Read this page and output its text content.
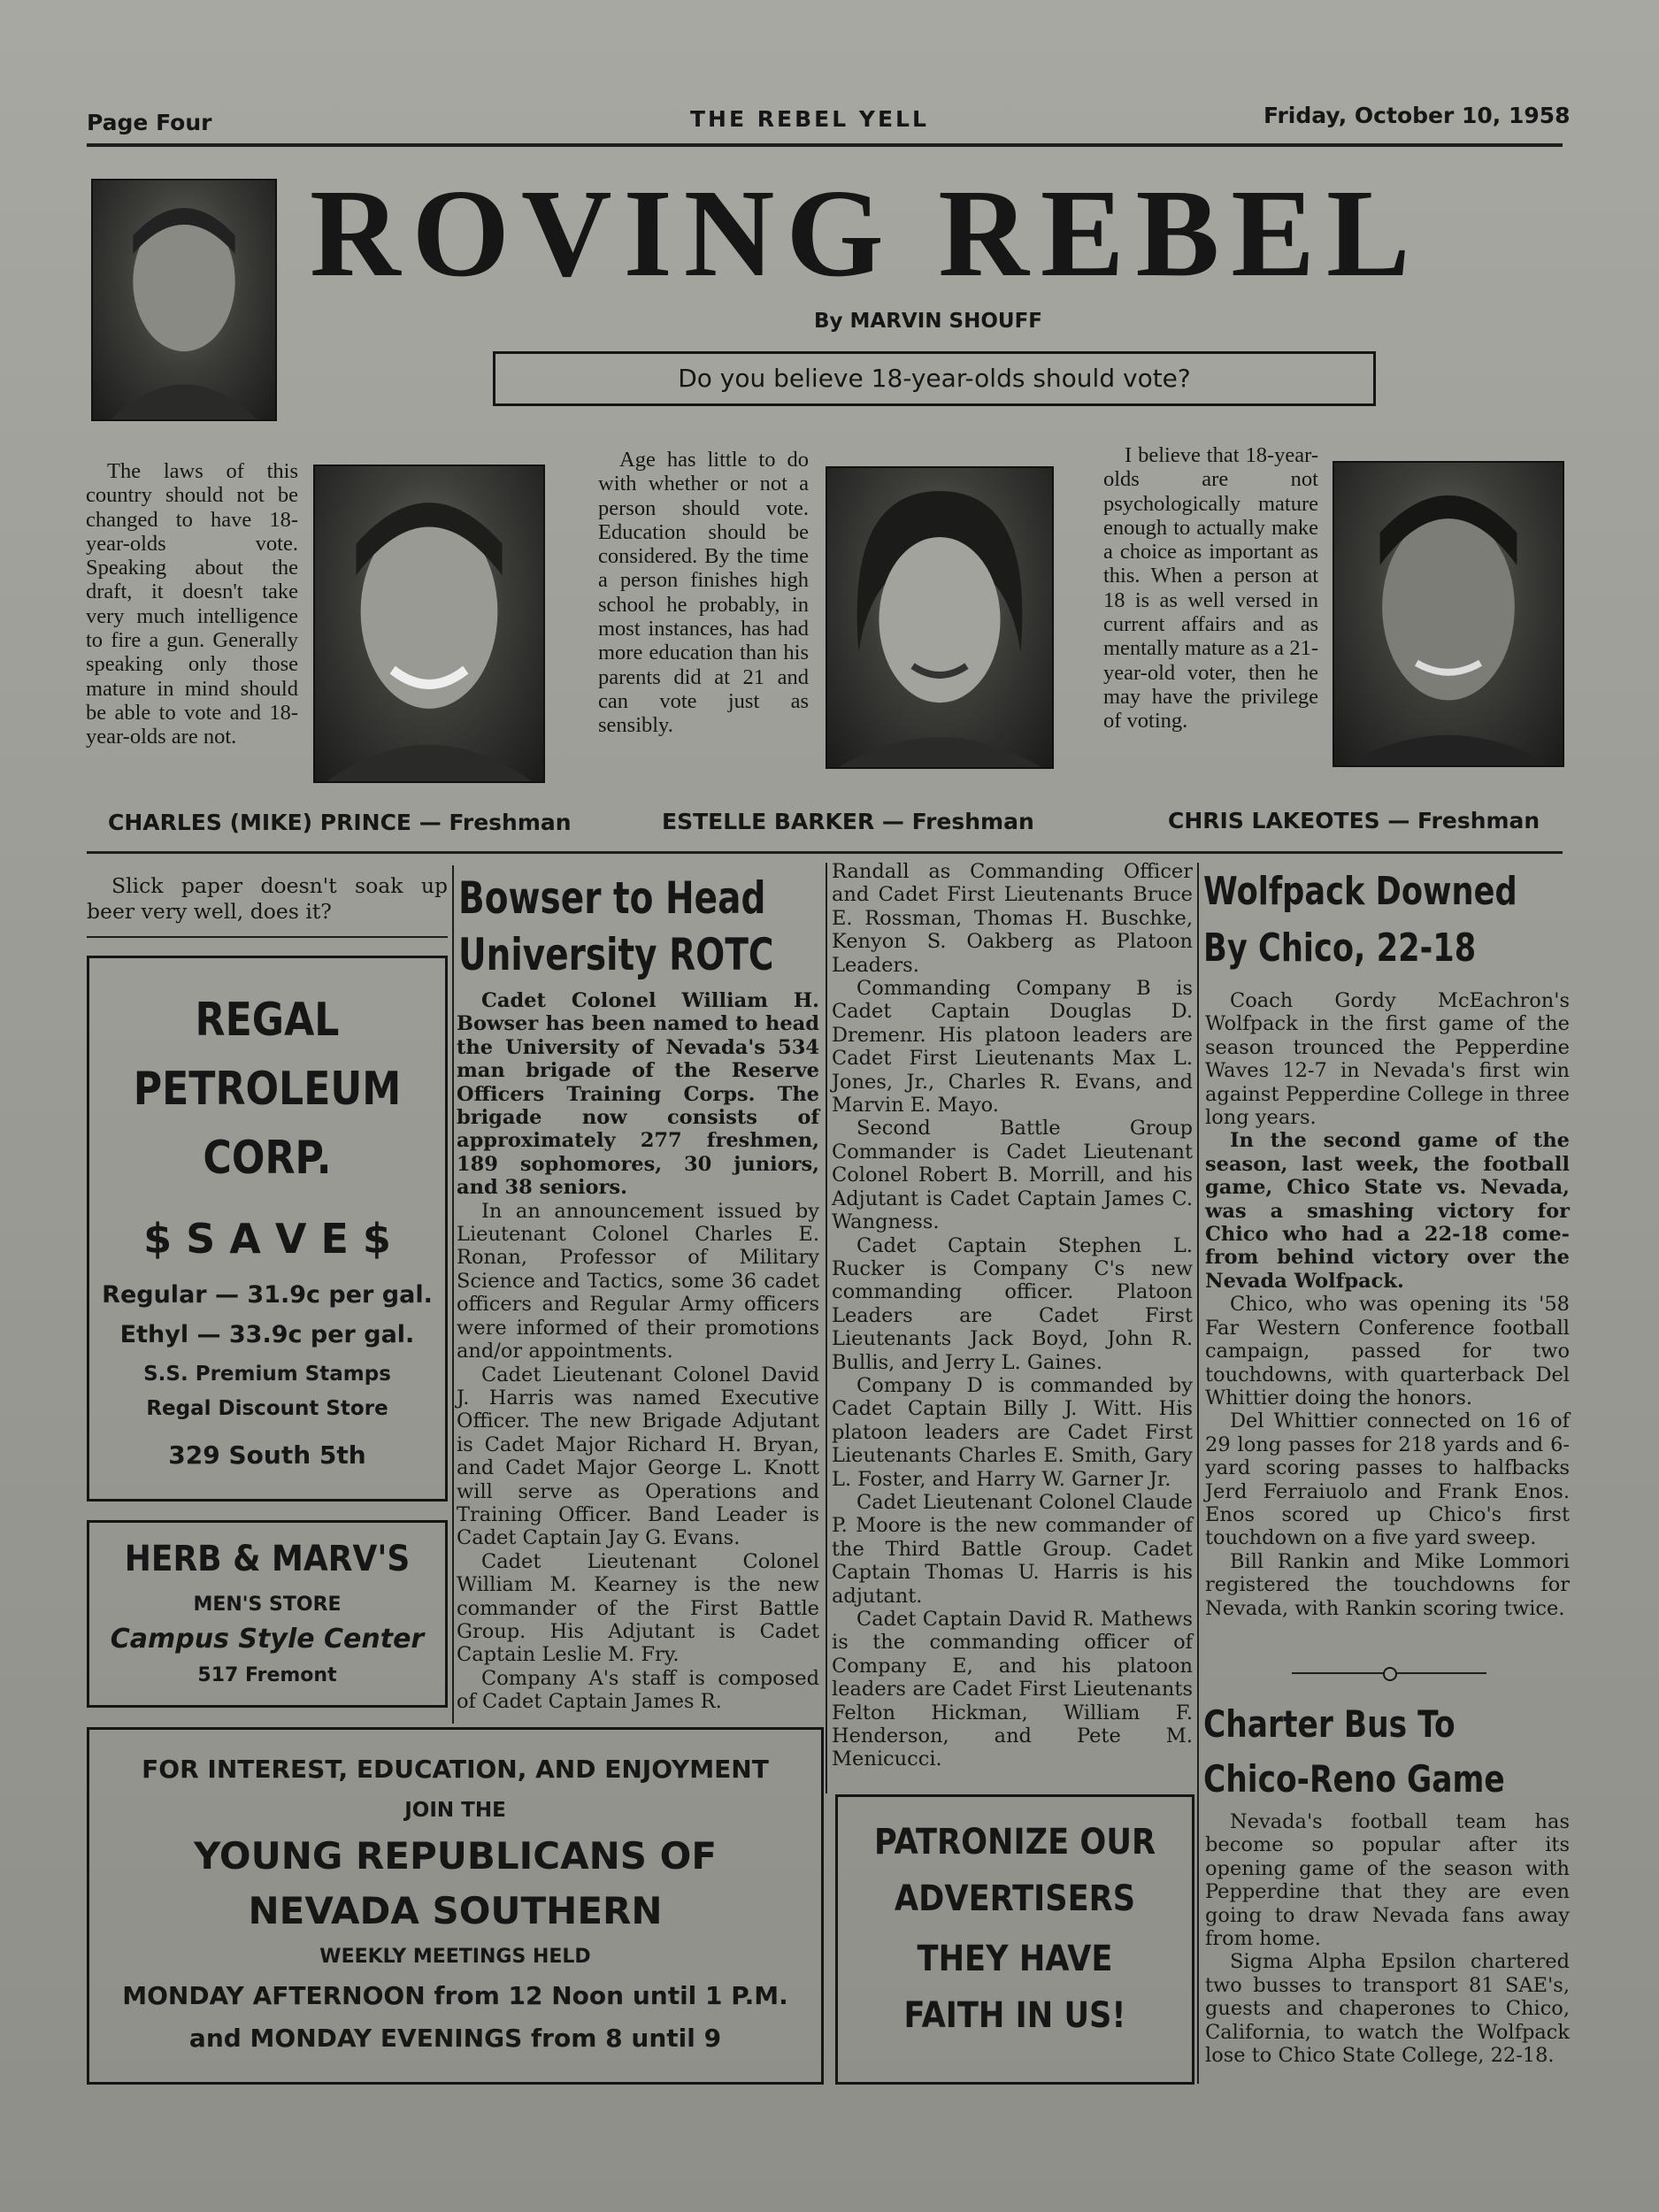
Page Four	THE REBEL YELL	Friday, October 10, 1958
ROVING REBEL
By MARVIN SHOUFF
Do you believe 18-year-olds should vote?

The laws of this country should not be changed to have 18-year-olds vote. Speaking about the draft, it doesn't take very much intelligence to fire a gun. Generally speaking only those mature in mind should be able to vote and 18-year-olds are not.

CHARLES (MIKE) PRINCE — Freshman

Age has little to do with whether or not a person should vote. Education should be considered. By the time a person finishes high school he probably, in most instances, has had more education than his parents did at 21 and can vote just as sensibly.

ESTELLE BARKER — Freshman

I believe that 18-year-olds are not psychologically mature enough to actually make a choice as important as this. When a person at 18 is as well versed in current affairs and as mentally mature as a 21-year-old voter, then he may have the privilege of voting.

CHRIS LAKEOTES — Freshman

Slick paper doesn't soak up beer very well, does it?

REGAL
PETROLEUM
CORP.
$ S A V E $
Regular — 31.9c per gal.
Ethyl — 33.9c per gal.
S.S. Premium Stamps
Regal Discount Store
329 South 5th
HERB & MARV'S
MEN'S STORE
Campus Style Center
517 Fremont
FOR INTEREST, EDUCATION, AND ENJOYMENT
JOIN THE
YOUNG REPUBLICANS OF
NEVADA SOUTHERN
WEEKLY MEETINGS HELD
MONDAY AFTERNOON from 12 Noon until 1 P.M.
and MONDAY EVENINGS from 8 until 9
Bowser to Head
University ROTC

Cadet Colonel William H. Bowser has been named to head the University of Nevada's 534 man brigade of the Reserve Officers Training Corps. The brigade now consists of approximately 277 freshmen, 189 sophomores, 30 juniors, and 38 seniors.

In an announcement issued by Lieutenant Colonel Charles E. Ronan, Professor of Military Science and Tactics, some 36 cadet officers and Regular Army officers were informed of their promotions and/or appointments.

Cadet Lieutenant Colonel David J. Harris was named Executive Officer. The new Brigade Adjutant is Cadet Major Richard H. Bryan, and Cadet Major George L. Knott will serve as Operations and Training Officer. Band Leader is Cadet Captain Jay G. Evans.

Cadet Lieutenant Colonel William M. Kearney is the new commander of the First Battle Group. His Adjutant is Cadet Captain Leslie M. Fry.

Company A's staff is composed of Cadet Captain James R.

Randall as Commanding Officer and Cadet First Lieutenants Bruce E. Rossman, Thomas H. Buschke, Kenyon S. Oakberg as Platoon Leaders.

Commanding Company B is Cadet Captain Douglas D. Dremenr. His platoon leaders are Cadet First Lieutenants Max L. Jones, Jr., Charles R. Evans, and Marvin E. Mayo.

Second Battle Group Commander is Cadet Lieutenant Colonel Robert B. Morrill, and his Adjutant is Cadet Captain James C. Wangness.

Cadet Captain Stephen L. Rucker is Company C's new commanding officer. Platoon Leaders are Cadet First Lieutenants Jack Boyd, John R. Bullis, and Jerry L. Gaines.

Company D is commanded by Cadet Captain Billy J. Witt. His platoon leaders are Cadet First Lieutenants Charles E. Smith, Gary L. Foster, and Harry W. Garner Jr.

Cadet Lieutenant Colonel Claude P. Moore is the new commander of the Third Battle Group. Cadet Captain Thomas U. Harris is his adjutant.

Cadet Captain David R. Mathews is the commanding officer of Company E, and his platoon leaders are Cadet First Lieutenants Felton Hickman, William F. Henderson, and Pete M. Menicucci.

PATRONIZE OUR
ADVERTISERS
THEY HAVE
FAITH IN US!
Wolfpack Downed
By Chico, 22-18

Coach Gordy McEachron's Wolfpack in the first game of the season trounced the Pepperdine Waves 12-7 in Nevada's first win against Pepperdine College in three long years.

In the second game of the season, last week, the football game, Chico State vs. Nevada, was a smashing victory for Chico who had a 22-18 come-from behind victory over the Nevada Wolfpack.

Chico, who was opening its '58 Far Western Conference football campaign, passed for two touchdowns, with quarterback Del Whittier doing the honors.

Del Whittier connected on 16 of 29 long passes for 218 yards and 6-yard scoring passes to halfbacks Jerd Ferraiuolo and Frank Enos. Enos scored up Chico's first touchdown on a five yard sweep.

Bill Rankin and Mike Lommori registered the touchdowns for Nevada, with Rankin scoring twice.

Charter Bus To
Chico-Reno Game

Nevada's football team has become so popular after its opening game of the season with Pepperdine that they are even going to draw Nevada fans away from home.

Sigma Alpha Epsilon chartered two busses to transport 81 SAE's, guests and chaperones to Chico, California, to watch the Wolfpack lose to Chico State College, 22-18.
